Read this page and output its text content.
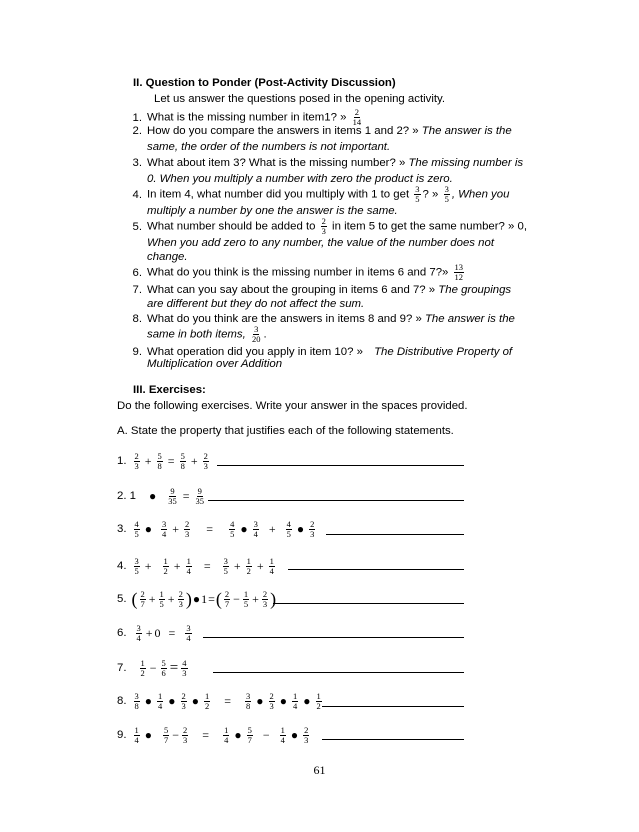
II. Question to Ponder (Post-Activity Discussion)
Let us answer the questions posed in the opening activity.
1. What is the missing number in item1? » $\frac{2}{14}$
2. How do you compare the answers in items 1 and 2? » The answer is the
same, the order of the numbers is not important.
3. What about item 3? What is the missing number? » The missing number is
0. When you multiply a number with zero the product is zero.
4. In item 4, what number did you multiply with 1 to get $\frac{3}{5}$ ? » $\frac{3}{5}$ , When you
multiply a number by one the answer is the same.
5. What number should be added to $\frac{2}{3}$ in item 5 to get the same number? » 0,
When you add zero to any number, the value of the number does not
change.
6. What do you think is the missing number in items 6 and 7?» $\frac{13}{12}$
7. What can you say about the grouping in items 6 and 7? » The groupings
are different but they do not affect the sum.
8. What do you think are the answers in items 8 and 9? » The answer is the
same in both items, $\frac{3}{20}$ .
9. What operation did you apply in item 10? » The Distributive Property of
Multiplication over Addition
III. Exercises:
Do the following exercises. Write your answer in the spaces provided.
A. State the property that justifies each of the following statements.
1. $\frac{2}{3} + \frac{5}{8} = \frac{5}{8} + \frac{2}{3}$
2. 1 ● $\frac{9}{35} = \frac{9}{35}$
3. $\frac{4}{5}$ ● $\frac{3}{4} + \frac{2}{3} = \frac{4}{5}$ ● $\frac{3}{4} + \frac{4}{5}$ ● $\frac{2}{3}$
4. $\frac{3}{5} + \frac{1}{2} + \frac{1}{4} = \frac{3}{5} + \frac{1}{2} + \frac{1}{4}$
5. ( $\frac{2}{7} + \frac{1}{5} + \frac{2}{3}$ ) ● 1 = ( $\frac{2}{7} - \frac{1}{5} + \frac{2}{3}$ )
6. $\frac{3}{4} + 0 = \frac{3}{4}$
7. $\frac{1}{2} - \frac{5}{6} = \frac{4}{3}$
8. $\frac{3}{8}$ ● $\frac{1}{4}$ ● $\frac{2}{3}$ ● $\frac{1}{2} = \frac{3}{8}$ ● $\frac{2}{3}$ ● $\frac{1}{4}$ ● $\frac{1}{2}$
9. $\frac{1}{4}$ ● $\frac{5}{7} - \frac{2}{3} = \frac{1}{4}$ ● $\frac{5}{7} - \frac{1}{4}$ ● $\frac{2}{3}$
61
